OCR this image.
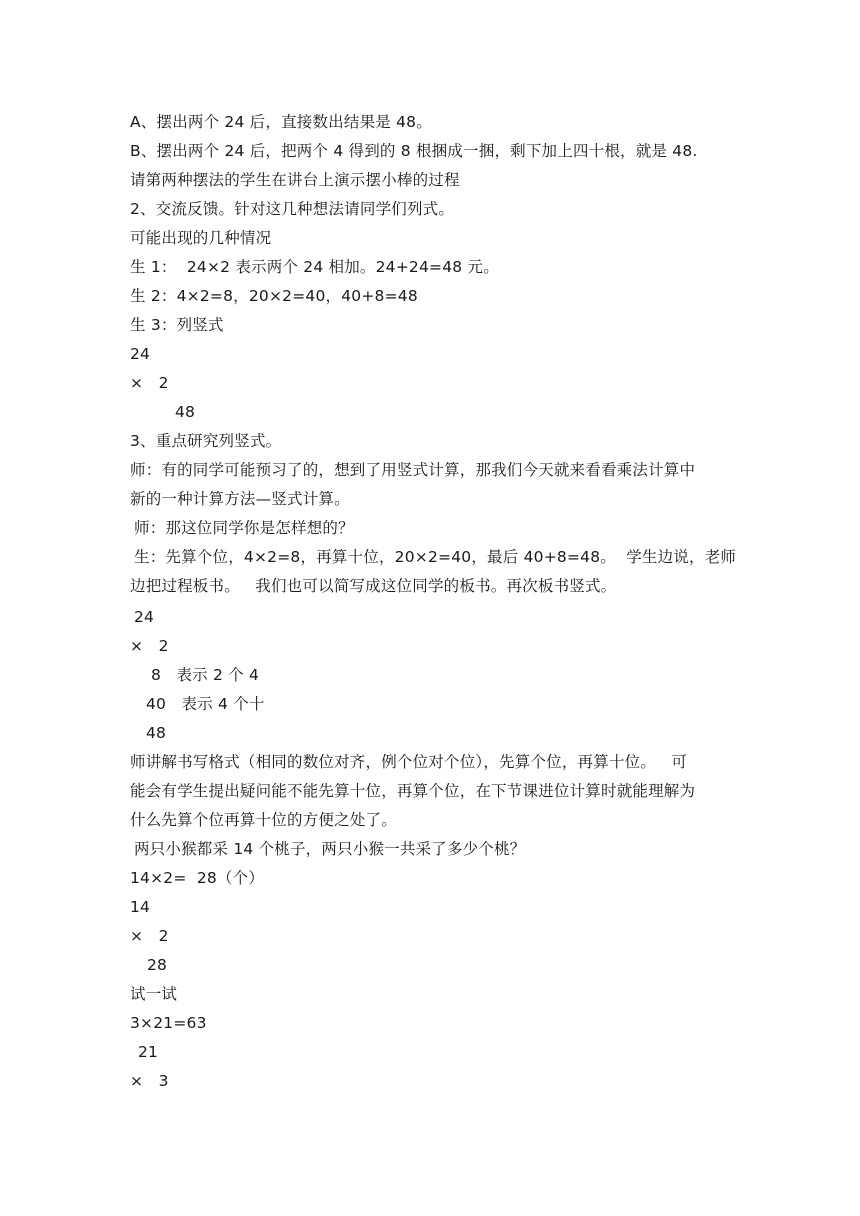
A、摆出两个 24 后，直接数出结果是 48。
B、摆出两个 24 后，把两个 4 得到的 8 根捆成一捆，剩下加上四十根，就是 48.
请第两种摆法的学生在讲台上演示摆小棒的过程
2、交流反馈。针对这几种想法请同学们列式。
可能出现的几种情况
生 1：  24×2 表示两个 24 相加。24+24=48 元。
生 2：4×2=8，20×2=40，40+8=48
生 3：列竖式
24
×   2
48
3、重点研究列竖式。
师：有的同学可能预习了的，想到了用竖式计算，那我们今天就来看看乘法计算中
新的一种计算方法—竖式计算。
师：那这位同学你是怎样想的？
生：先算个位，4×2=8，再算十位，20×2=40，最后 40+8=48。  学生边说，老师
边把过程板书。   我们也可以简写成这位同学的板书。再次板书竖式。
24
×   2
8   表示 2 个 4
40   表示 4 个十
48
师讲解书写格式（相同的数位对齐，例个位对个位），先算个位，再算十位。   可
能会有学生提出疑问能不能先算十位，再算个位，在下节课进位计算时就能理解为
什么先算个位再算十位的方便之处了。
两只小猴都采 14 个桃子，两只小猴一共采了多少个桃？
14×2=  28（个）
14
×   2
28
试一试
3×21=63
21
×   3
